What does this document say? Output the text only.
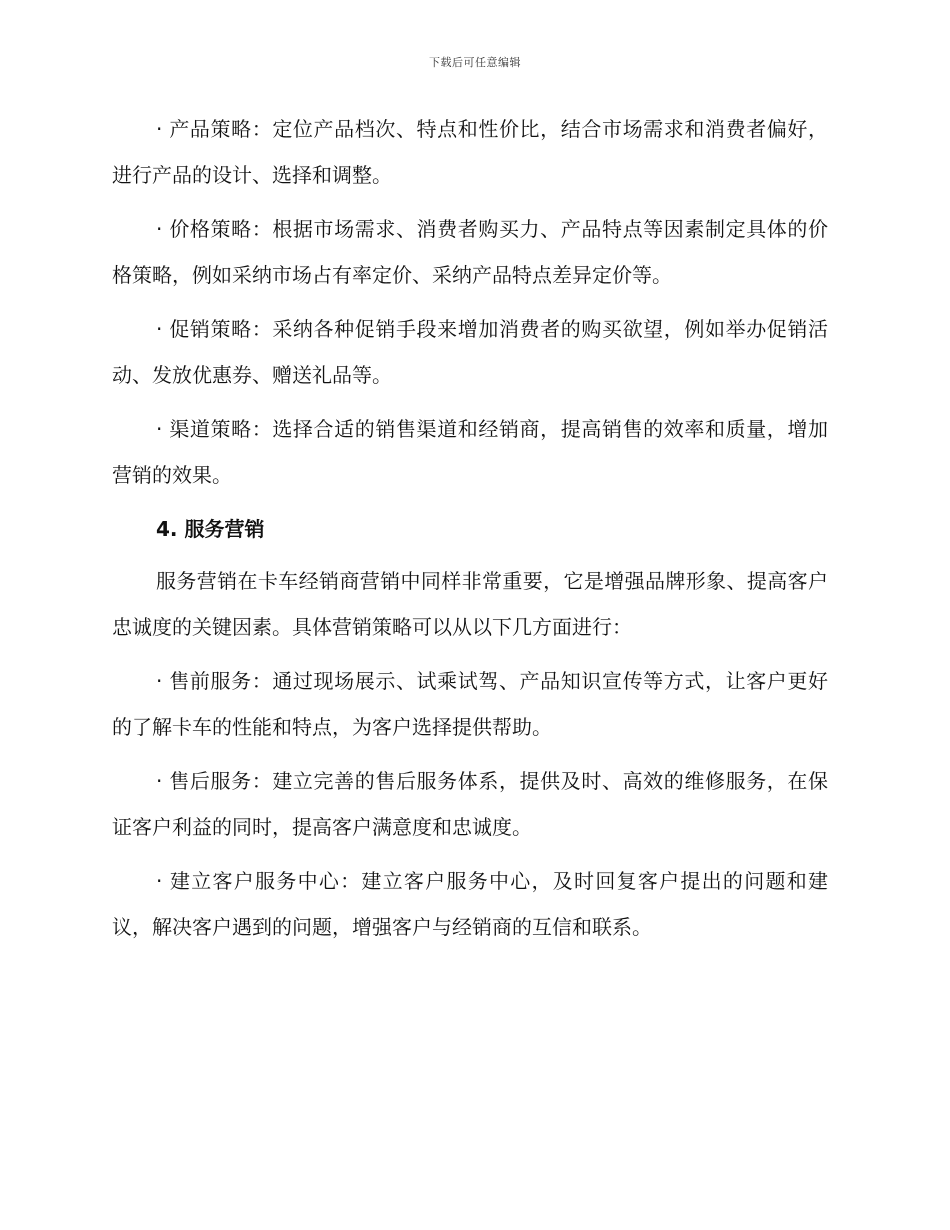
下载后可任意编辑

· 产品策略：定位产品档次、特点和性价比，结合市场需求和消费者偏好，进行产品的设计、选择和调整。

· 价格策略：根据市场需求、消费者购买力、产品特点等因素制定具体的价格策略，例如采纳市场占有率定价、采纳产品特点差异定价等。

· 促销策略：采纳各种促销手段来增加消费者的购买欲望，例如举办促销活动、发放优惠券、赠送礼品等。

· 渠道策略：选择合适的销售渠道和经销商，提高销售的效率和质量，增加营销的效果。

4. 服务营销

服务营销在卡车经销商营销中同样非常重要，它是增强品牌形象、提高客户忠诚度的关键因素。具体营销策略可以从以下几方面进行：

· 售前服务：通过现场展示、试乘试驾、产品知识宣传等方式，让客户更好的了解卡车的性能和特点，为客户选择提供帮助。

· 售后服务：建立完善的售后服务体系，提供及时、高效的维修服务，在保证客户利益的同时，提高客户满意度和忠诚度。

· 建立客户服务中心：建立客户服务中心，及时回复客户提出的问题和建议，解决客户遇到的问题，增强客户与经销商的互信和联系。
